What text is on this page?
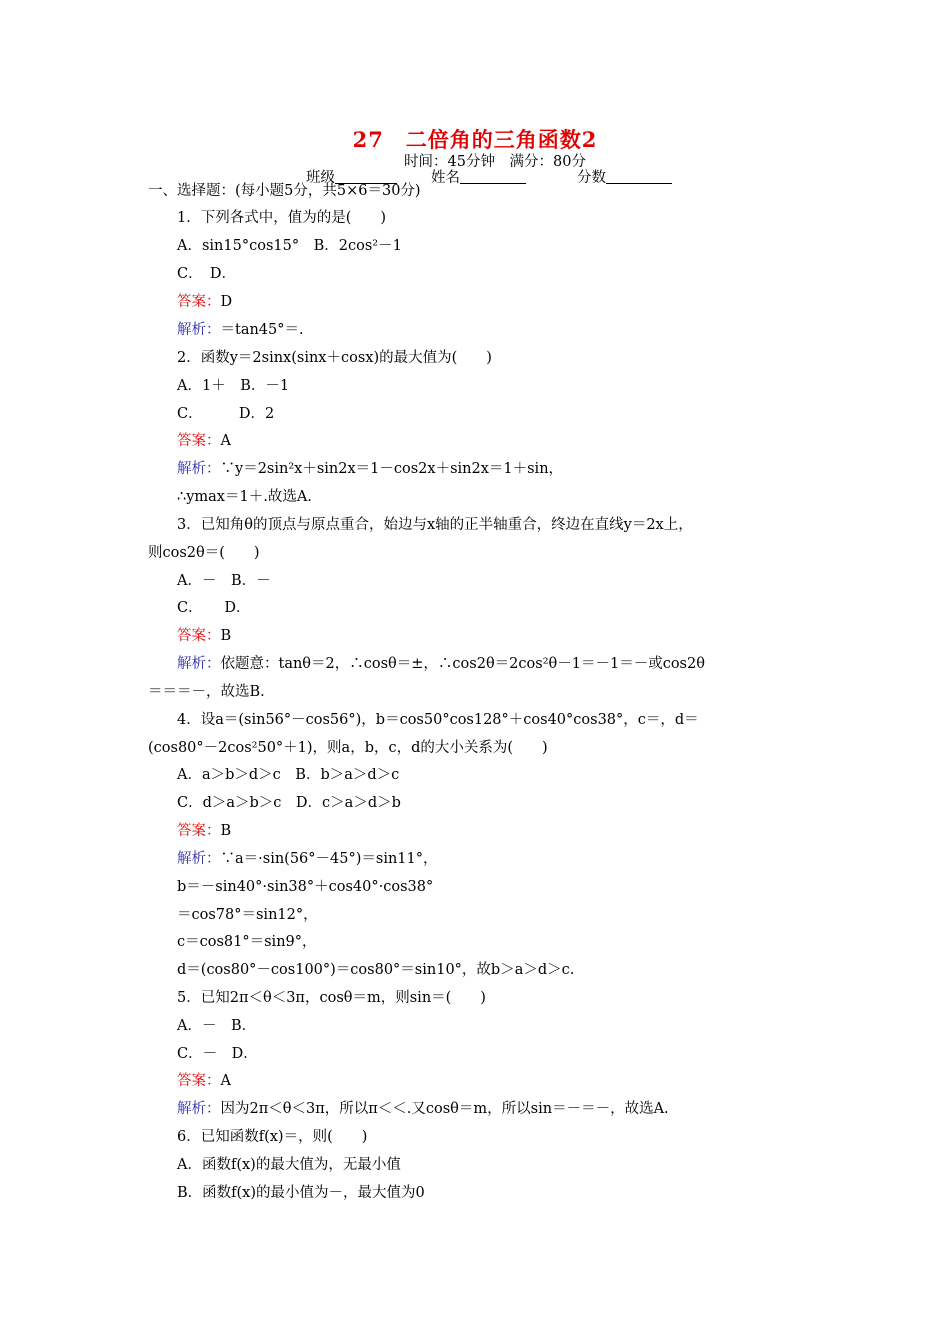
27　二倍角的三角函数2
时间：45分钟　满分：80分
班级	姓名	分数
一、选择题：(每小题5分，共5×6＝30分)
1．下列各式中，值为的是(　　)
A．sin15°cos15°　B．2cos²－1
C．　D．
答案：D
解析：＝tan45°＝.
2．函数y＝2sinx(sinx＋cosx)的最大值为(　　)
A．1＋　B．－1
C．　　　D．2
答案：A
解析：∵y＝2sin²x＋sin2x＝1－cos2x＋sin2x＝1＋sin，
∴ymax＝1＋.故选A.
3．已知角θ的顶点与原点重合，始边与x轴的正半轴重合，终边在直线y＝2x上，
则cos2θ＝(　　)
A．－　B．－
C．　　D．
答案：B
解析：依题意：tanθ＝2，∴cosθ＝±，∴cos2θ＝2cos²θ－1＝－1＝－或cos2θ
＝＝＝－，故选B.
4．设a＝(sin56°－cos56°)，b＝cos50°cos128°＋cos40°cos38°，c＝，d＝
(cos80°－2cos²50°＋1)，则a，b，c，d的大小关系为(　　)
A．a＞b＞d＞c　B．b＞a＞d＞c
C．d＞a＞b＞c　D．c＞a＞d＞b
答案：B
解析：∵a＝·sin(56°－45°)＝sin11°，
b＝－sin40°·sin38°＋cos40°·cos38°
＝cos78°＝sin12°，
c＝cos81°＝sin9°，
d＝(cos80°－cos100°)＝cos80°＝sin10°，故b＞a＞d＞c.
5．已知2π＜θ＜3π，cosθ＝m，则sin＝(　　)
A．－　B．
C．－　D．
答案：A
解析：因为2π＜θ＜3π，所以π＜＜.又cosθ＝m，所以sin＝－＝－，故选A.
6．已知函数f(x)＝，则(　　)
A．函数f(x)的最大值为，无最小值
B．函数f(x)的最小值为－，最大值为0
